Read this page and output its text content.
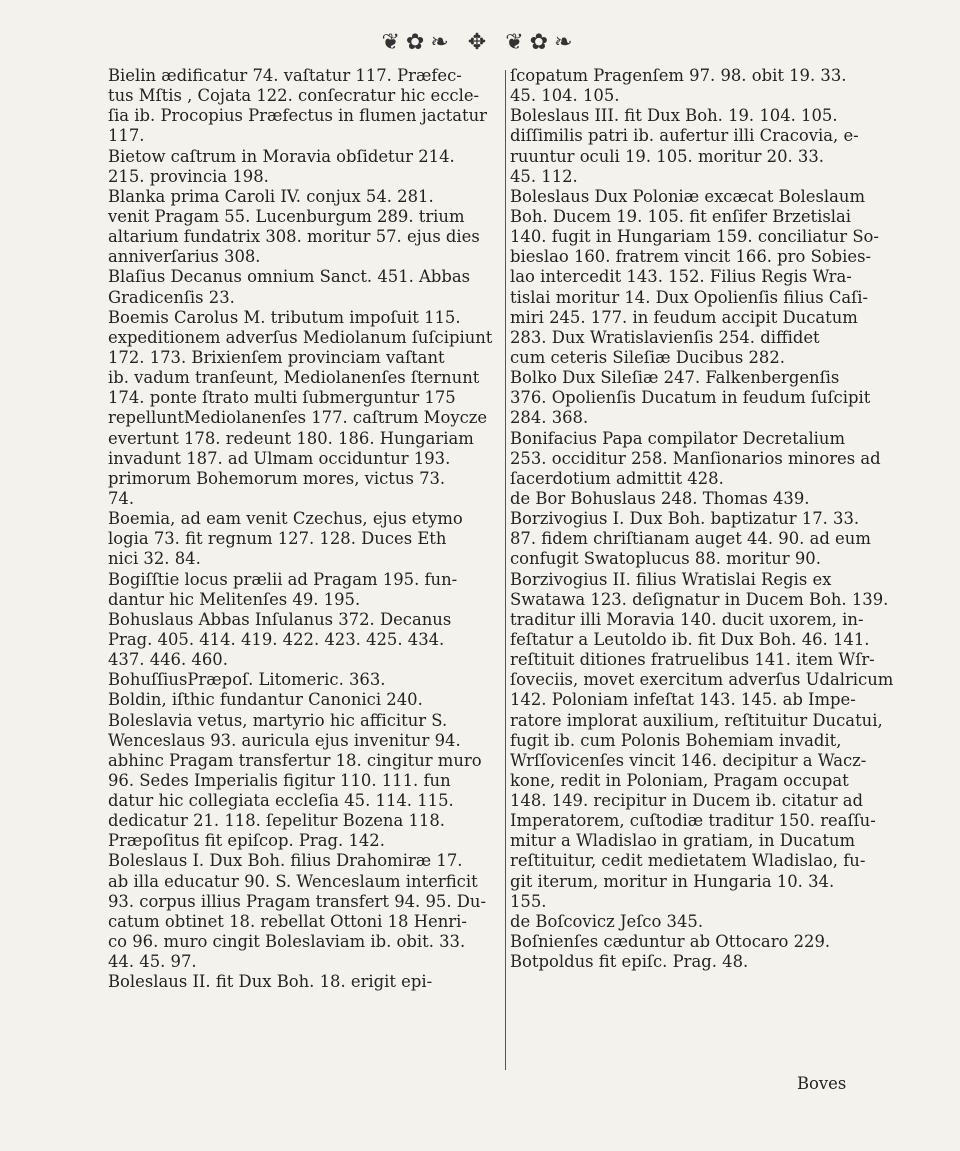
❦✿❧ ✥ ❦✿❧
Bielin ædificatur 74. vaſtatur 117. Præfec-
tus Mſtis , Cojata 122. conſecratur hic eccle-
ſia ib. Procopius Præfectus in flumen jactatur
117.
Bietow caſtrum in Moravia obſidetur 214.
215. provincia 198.
Blanka prima Caroli IV. conjux 54. 281.
venit Pragam 55. Lucenburgum 289. trium
altarium fundatrix 308. moritur 57. ejus dies
anniverſarius 308.
Blaſius Decanus omnium Sanct. 451. Abbas
Gradicenſis 23.
Boemis Carolus M. tributum impoſuit 115.
expeditionem adverſus Mediolanum ſuſcipiunt
172. 173. Brixienſem provinciam vaſtant
ib. vadum tranſeunt, Mediolanenſes ſternunt
174. ponte ſtrato multi ſubmerguntur 175
repelluntMediolanenſes 177. caſtrum Moycze
evertunt 178. redeunt 180. 186. Hungariam
invadunt 187. ad Ulmam occiduntur 193.
primorum Bohemorum mores, victus 73.
74.
Boemia, ad eam venit Czechus, ejus etymo
logia 73. fit regnum 127. 128. Duces Eth
nici 32. 84.
Bogiſſtie locus prælii ad Pragam 195. fun-
dantur hic Melitenſes 49. 195.
Bohuslaus Abbas Inſulanus 372. Decanus
Prag. 405. 414. 419. 422. 423. 425. 434.
437. 446. 460.
BohuſſiusPræpoſ. Litomeric. 363.
Boldin, iſthic fundantur Canonici 240.
Boleslavia vetus, martyrio hic afficitur S.
Wenceslaus 93. auricula ejus invenitur 94.
abhinc Pragam transfertur 18. cingitur muro
96. Sedes Imperialis figitur 110. 111. fun
datur hic collegiata eccleſia 45. 114. 115.
dedicatur 21. 118. ſepelitur Bozena 118.
Præpoſitus fit epiſcop. Prag. 142.
Boleslaus I. Dux Boh. filius Drahomiræ 17.
ab illa educatur 90. S. Wenceslaum interficit
93. corpus illius Pragam transfert 94. 95. Du-
catum obtinet 18. rebellat Ottoni 18 Henri-
co 96. muro cingit Boleslaviam ib. obit. 33.
44. 45. 97.
Boleslaus II. fit Dux Boh. 18. erigit epi-
ſcopatum Pragenſem 97. 98. obit 19. 33.
45. 104. 105.
Boleslaus III. fit Dux Boh. 19. 104. 105.
diſſimilis patri ib. aufertur illi Cracovia, e-
ruuntur oculi 19. 105. moritur 20. 33.
45. 112.
Boleslaus Dux Poloniæ excæcat Boleslaum
Boh. Ducem 19. 105. fit enſifer Brzetislai
140. fugit in Hungariam 159. conciliatur So-
bieslao 160. fratrem vincit 166. pro Sobies-
lao intercedit 143. 152. Filius Regis Wra-
tislai moritur 14. Dux Opolienſis filius Caſi-
miri 245. 177. in feudum accipit Ducatum
283. Dux Wratislavienſis 254. diffidet
cum ceteris Sileſiæ Ducibus 282.
Bolko Dux Sileſiæ 247. Falkenbergenſis
376. Opolienſis Ducatum in feudum ſuſcipit
284. 368.
Bonifacius Papa compilator Decretalium
253. occiditur 258. Manſionarios minores ad
ſacerdotium admittit 428.
de Bor Bohuslaus 248. Thomas 439.
Borzivogius I. Dux Boh. baptizatur 17. 33.
87. fidem chriſtianam auget 44. 90. ad eum
confugit Swatoplucus 88. moritur 90.
Borzivogius II. filius Wratislai Regis ex
Swatawa 123. deſignatur in Ducem Boh. 139.
traditur illi Moravia 140. ducit uxorem, in-
feſtatur a Leutoldo ib. fit Dux Boh. 46. 141.
reſtituit ditiones fratruelibus 141. item Wſr-
ſoveciis, movet exercitum adverſus Udalricum
142. Poloniam infeſtat 143. 145. ab Impe-
ratore implorat auxilium, reſtituitur Ducatui,
fugit ib. cum Polonis Bohemiam invadit,
Wrſſovicenſes vincit 146. decipitur a Wacz-
kone, redit in Poloniam, Pragam occupat
148. 149. recipitur in Ducem ib. citatur ad
Imperatorem, cuſtodiæ traditur 150. reaſſu-
mitur a Wladislao in gratiam, in Ducatum
reſtituitur, cedit medietatem Wladislao, fu-
git iterum, moritur in Hungaria 10. 34.
155.
de Boſcovicz Jeſco 345.
Boſnienſes cæduntur ab Ottocaro 229.
Botpoldus fit epiſc. Prag. 48.
Boves
